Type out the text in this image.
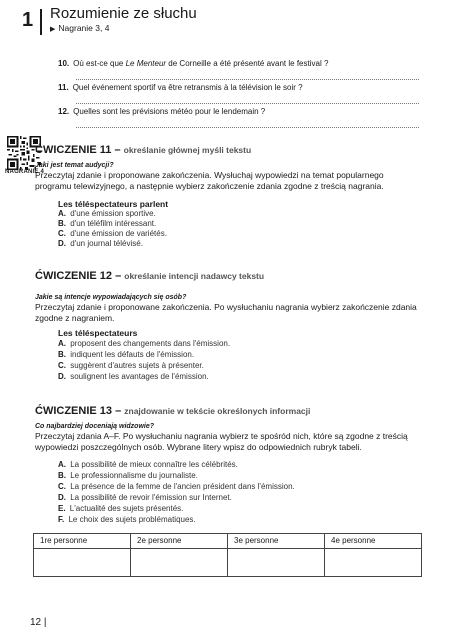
1 Rozumienie ze słuchu
▶ Nagranie 3, 4
10. Où est-ce que Le Menteur de Corneille a été présenté avant le festival ?
11. Quel événement sportif va être retransmis à la télévision le soir ?
12. Quelles sont les prévisions météo pour le lendemain ?
NAGRANIE 4
ĆWICZENIE 11 – określanie głównej myśli tekstu
Jaki jest temat audycji?
Przeczytaj zdanie i proponowane zakończenia. Wysłuchaj wypowiedzi na temat popularnego programu telewizyjnego, a następnie wybierz zakończenie zdania zgodne z treścią nagrania.
Les téléspectateurs parlent
A. d'une émission sportive.
B. d'un téléfilm intéressant.
C. d'une émission de variétés.
D. d'un journal télévisé.
ĆWICZENIE 12 – określanie intencji nadawcy tekstu
Jakie są intencje wypowiadających się osób?
Przeczytaj zdanie i proponowane zakończenia. Po wysłuchaniu nagrania wybierz zakończenie zdania zgodne z nagraniem.
Les téléspectateurs
A. proposent des changements dans l'émission.
B. indiquent les défauts de l'émission.
C. suggèrent d'autres sujets à présenter.
D. soulignent les avantages de l'émission.
ĆWICZENIE 13 – znajdowanie w tekście określonych informacji
Co najbardziej doceniają widzowie?
Przeczytaj zdania A–F. Po wysłuchaniu nagrania wybierz te spośród nich, które są zgodne z treścią wypowiedzi poszczególnych osób. Wybrane litery wpisz do odpowiednich rubryk tabeli.
A. La possibilité de mieux connaître les célébrités.
B. Le professionnalisme du journaliste.
C. La présence de la femme de l'ancien président dans l'émission.
D. La possibilité de revoir l'émission sur Internet.
E. L'actualité des sujets présentés.
F. Le choix des sujets problématiques.
1re personne	2e personne	3e personne	4e personne
12 |
